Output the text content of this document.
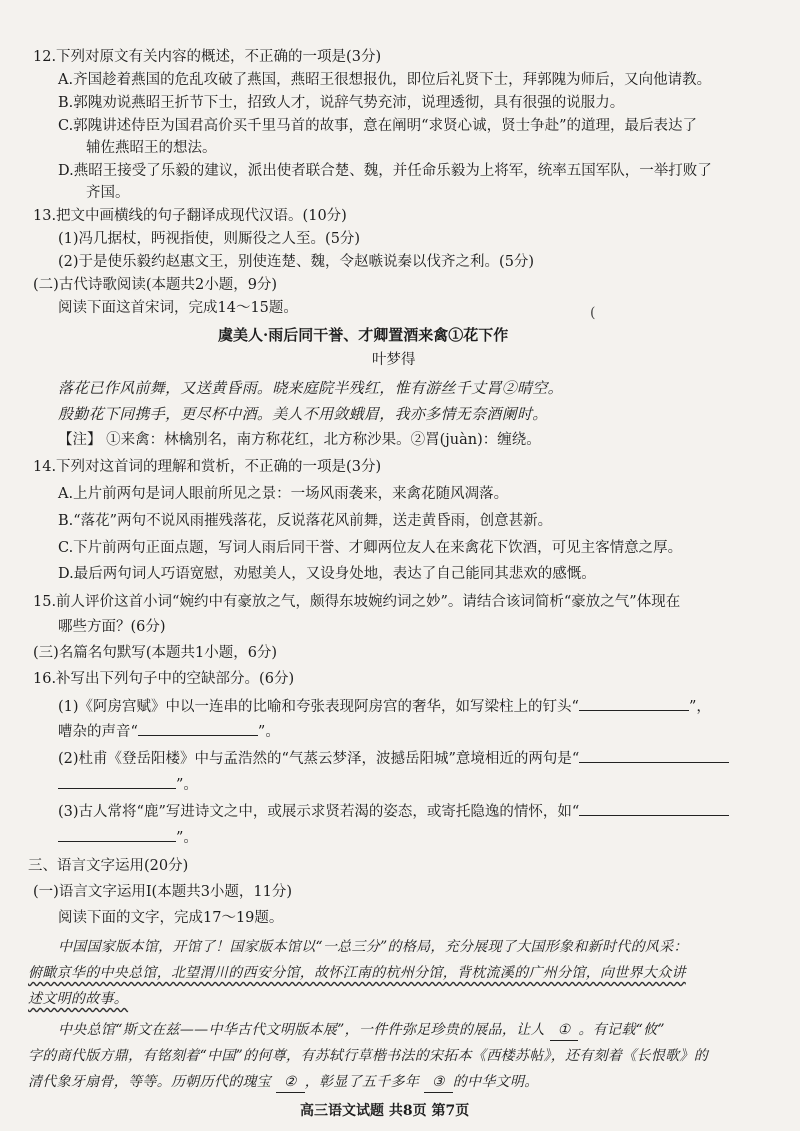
12.下列对原文有关内容的概述，不正确的一项是(3分)
A.齐国趁着燕国的危乱攻破了燕国，燕昭王很想报仇，即位后礼贤下士，拜郭隗为师后，又向他请教。
B.郭隗劝说燕昭王折节下士，招致人才，说辞气势充沛，说理透彻，具有很强的说服力。
C.郭隗讲述侍臣为国君高价买千里马首的故事，意在阐明“求贤心诚，贤士争赴”的道理，最后表达了
辅佐燕昭王的想法。
D.燕昭王接受了乐毅的建议，派出使者联合楚、魏，并任命乐毅为上将军，统率五国军队，一举打败了
齐国。
13.把文中画横线的句子翻译成现代汉语。(10分)
(1)冯几据杖，眄视指使，则厮役之人至。(5分)
(2)于是使乐毅约赵惠文王，别使连楚、魏，令赵嗾说秦以伐齐之利。(5分)
(二)古代诗歌阅读(本题共2小题，9分)
阅读下面这首宋词，完成14～15题。	(
虞美人·雨后同干誉、才卿置酒来禽①花下作
叶梦得
落花已作风前舞，又送黄昏雨。晓来庭院半残红，惟有游丝千丈罥②晴空。
殷勤花下同携手，更尽杯中酒。美人不用敛蛾眉，我亦多情无奈酒阑时。
【注】 ①来禽：林檎别名，南方称花红，北方称沙果。②罥(juàn)：缠绕。
14.下列对这首词的理解和赏析，不正确的一项是(3分)
A.上片前两句是词人眼前所见之景：一场风雨袭来，来禽花随风凋落。
B.“落花”两句不说风雨摧残落花，反说落花风前舞，送走黄昏雨，创意甚新。
C.下片前两句正面点题，写词人雨后同干誉、才卿两位友人在来禽花下饮酒，可见主客情意之厚。
D.最后两句词人巧语宽慰，劝慰美人，又设身处地，表达了自己能同其悲欢的感慨。
15.前人评价这首小词“婉约中有豪放之气，颇得东坡婉约词之妙”。请结合该词简析“豪放之气”体现在
哪些方面？(6分)
(三)名篇名句默写(本题共1小题，6分)
16.补写出下列句子中的空缺部分。(6分)
(1)《阿房宫赋》中以一连串的比喻和夸张表现阿房宫的奢华，如写梁柱上的钉头“	”，
嘈杂的声音“	”。
(2)杜甫《登岳阳楼》中与孟浩然的“气蒸云梦泽，波撼岳阳城”意境相近的两句是“
”。
(3)古人常将“鹿”写进诗文之中，或展示求贤若渴的姿态，或寄托隐逸的情怀，如“
”。
三、语言文字运用(20分)
(一)语言文字运用Ⅰ(本题共3小题，11分)
阅读下面的文字，完成17～19题。
中国国家版本馆，开馆了！国家版本馆以“一总三分”的格局，充分展现了大国形象和新时代的风采：
俯瞰京华的中央总馆，北望渭川的西安分馆，故怀江南的杭州分馆，背枕流溪的广州分馆，向世界大众讲
述文明的故事。
中央总馆“斯文在兹——中华古代文明版本展”，一件件弥足珍贵的展品，让人 ① 。有记载“攸”
字的商代版方鼎，有铭刻着“中国”的何尊，有苏轼行草楷书法的宋拓本《西楼苏帖》，还有刻着《长恨歌》的
清代象牙扇骨，等等。历朝历代的瑰宝 ② ，彰显了五千多年 ③ 的中华文明。
高三语文试题 共8页 第7页
